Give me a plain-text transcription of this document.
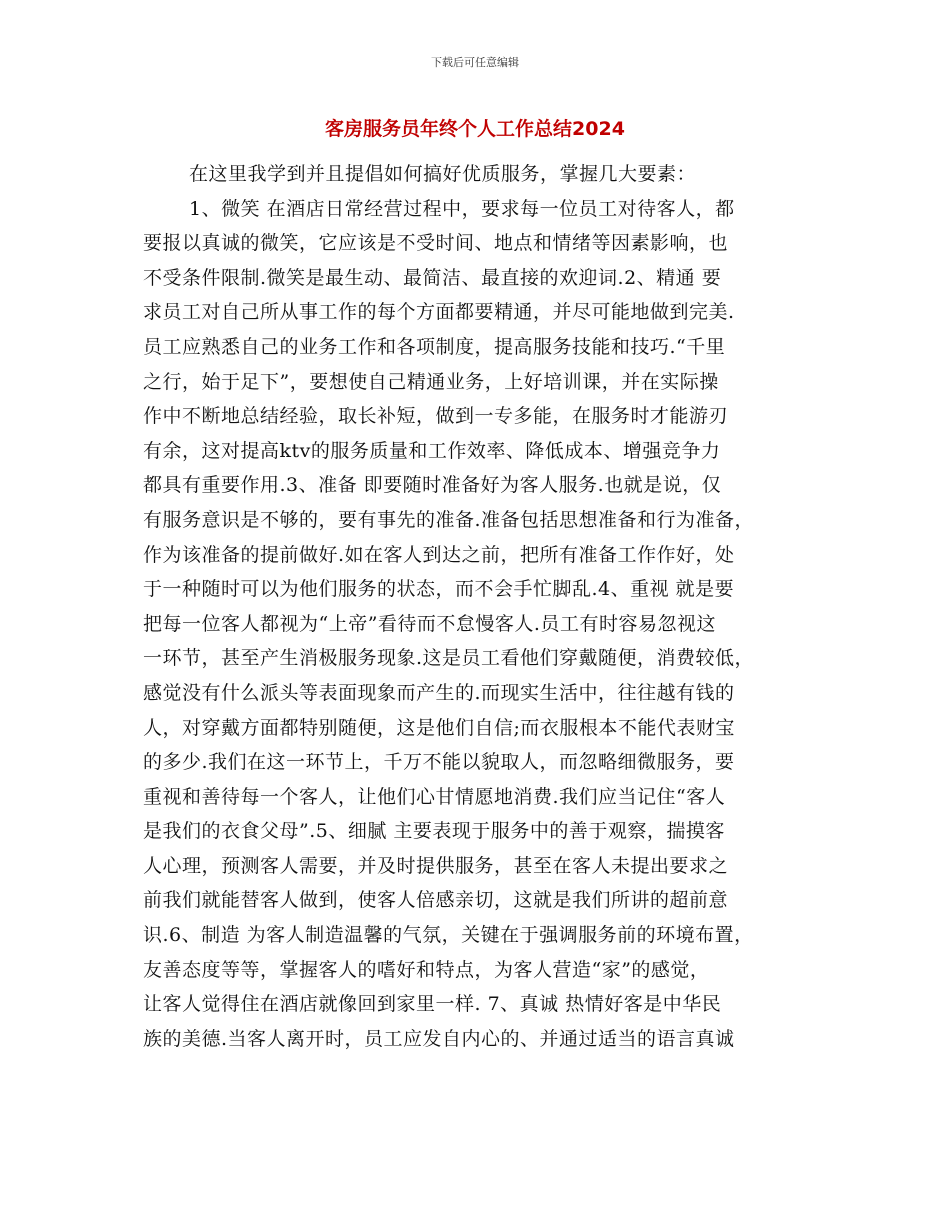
下载后可任意编辑
客房服务员年终个人工作总结2024
在这里我学到并且提倡如何搞好优质服务，掌握几大要素：
1、微笑 在酒店日常经营过程中，要求每一位员工对待客人，都
要报以真诚的微笑，它应该是不受时间、地点和情绪等因素影响，也
不受条件限制.微笑是最生动、最简洁、最直接的欢迎词.2、精通 要
求员工对自己所从事工作的每个方面都要精通，并尽可能地做到完美.
员工应熟悉自己的业务工作和各项制度，提高服务技能和技巧.“千里
之行，始于足下”，要想使自己精通业务，上好培训课，并在实际操
作中不断地总结经验，取长补短，做到一专多能，在服务时才能游刃
有余，这对提高ktv的服务质量和工作效率、降低成本、增强竞争力
都具有重要作用.3、准备 即要随时准备好为客人服务.也就是说，仅
有服务意识是不够的，要有事先的准备.准备包括思想准备和行为准备，
作为该准备的提前做好.如在客人到达之前，把所有准备工作作好，处
于一种随时可以为他们服务的状态，而不会手忙脚乱.4、重视 就是要
把每一位客人都视为“上帝”看待而不怠慢客人.员工有时容易忽视这
一环节，甚至产生消极服务现象.这是员工看他们穿戴随便，消费较低，
感觉没有什么派头等表面现象而产生的.而现实生活中，往往越有钱的
人，对穿戴方面都特别随便，这是他们自信;而衣服根本不能代表财宝
的多少.我们在这一环节上，千万不能以貌取人，而忽略细微服务，要
重视和善待每一个客人，让他们心甘情愿地消费.我们应当记住“客人
是我们的衣食父母”.5、细腻 主要表现于服务中的善于观察，揣摸客
人心理，预测客人需要，并及时提供服务，甚至在客人未提出要求之
前我们就能替客人做到，使客人倍感亲切，这就是我们所讲的超前意
识.6、制造 为客人制造温馨的气氛，关键在于强调服务前的环境布置，
友善态度等等，掌握客人的嗜好和特点，为客人营造“家”的感觉，
让客人觉得住在酒店就像回到家里一样. 7、真诚 热情好客是中华民
族的美德.当客人离开时，员工应发自内心的、并通过适当的语言真诚
